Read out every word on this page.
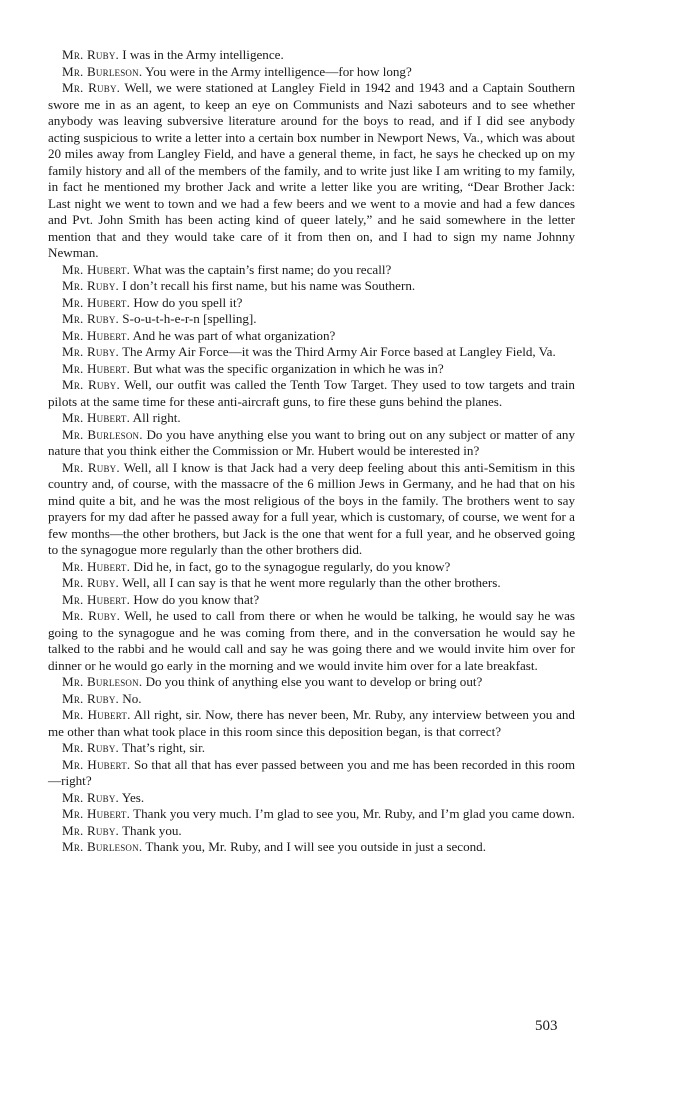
Mr. Ruby. I was in the Army intelligence.

Mr. Burleson. You were in the Army intelligence—for how long?

Mr. Ruby. Well, we were stationed at Langley Field in 1942 and 1943 and a Captain Southern swore me in as an agent, to keep an eye on Communists and Nazi saboteurs and to see whether anybody was leaving subversive literature around for the boys to read, and if I did see anybody acting suspicious to write a letter into a certain box number in Newport News, Va., which was about 20 miles away from Langley Field, and have a general theme, in fact, he says he checked up on my family history and all of the members of the family, and to write just like I am writing to my family, in fact he mentioned my brother Jack and write a letter like you are writing, “Dear Brother Jack: Last night we went to town and we had a few beers and we went to a movie and had a few dances and Pvt. John Smith has been acting kind of queer lately,” and he said somewhere in the letter mention that and they would take care of it from then on, and I had to sign my name Johnny Newman.

Mr. Hubert. What was the captain’s first name; do you recall?

Mr. Ruby. I don’t recall his first name, but his name was Southern.

Mr. Hubert. How do you spell it?

Mr. Ruby. S-o-u-t-h-e-r-n [spelling].

Mr. Hubert. And he was part of what organization?

Mr. Ruby. The Army Air Force—it was the Third Army Air Force based at Langley Field, Va.

Mr. Hubert. But what was the specific organization in which he was in?

Mr. Ruby. Well, our outfit was called the Tenth Tow Target. They used to tow targets and train pilots at the same time for these anti-aircraft guns, to fire these guns behind the planes.

Mr. Hubert. All right.

Mr. Burleson. Do you have anything else you want to bring out on any subject or matter of any nature that you think either the Commission or Mr. Hubert would be interested in?

Mr. Ruby. Well, all I know is that Jack had a very deep feeling about this anti-Semitism in this country and, of course, with the massacre of the 6 million Jews in Germany, and he had that on his mind quite a bit, and he was the most religious of the boys in the family. The brothers went to say prayers for my dad after he passed away for a full year, which is customary, of course, we went for a few months—the other brothers, but Jack is the one that went for a full year, and he observed going to the synagogue more regularly than the other brothers did.

Mr. Hubert. Did he, in fact, go to the synagogue regularly, do you know?

Mr. Ruby. Well, all I can say is that he went more regularly than the other brothers.

Mr. Hubert. How do you know that?

Mr. Ruby. Well, he used to call from there or when he would be talking, he would say he was going to the synagogue and he was coming from there, and in the conversation he would say he talked to the rabbi and he would call and say he was going there and we would invite him over for dinner or he would go early in the morning and we would invite him over for a late breakfast.

Mr. Burleson. Do you think of anything else you want to develop or bring out?

Mr. Ruby. No.

Mr. Hubert. All right, sir. Now, there has never been, Mr. Ruby, any interview between you and me other than what took place in this room since this deposition began, is that correct?

Mr. Ruby. That’s right, sir.

Mr. Hubert. So that all that has ever passed between you and me has been recorded in this room—right?

Mr. Ruby. Yes.

Mr. Hubert. Thank you very much. I’m glad to see you, Mr. Ruby, and I’m glad you came down.

Mr. Ruby. Thank you.

Mr. Burleson. Thank you, Mr. Ruby, and I will see you outside in just a second.

503
